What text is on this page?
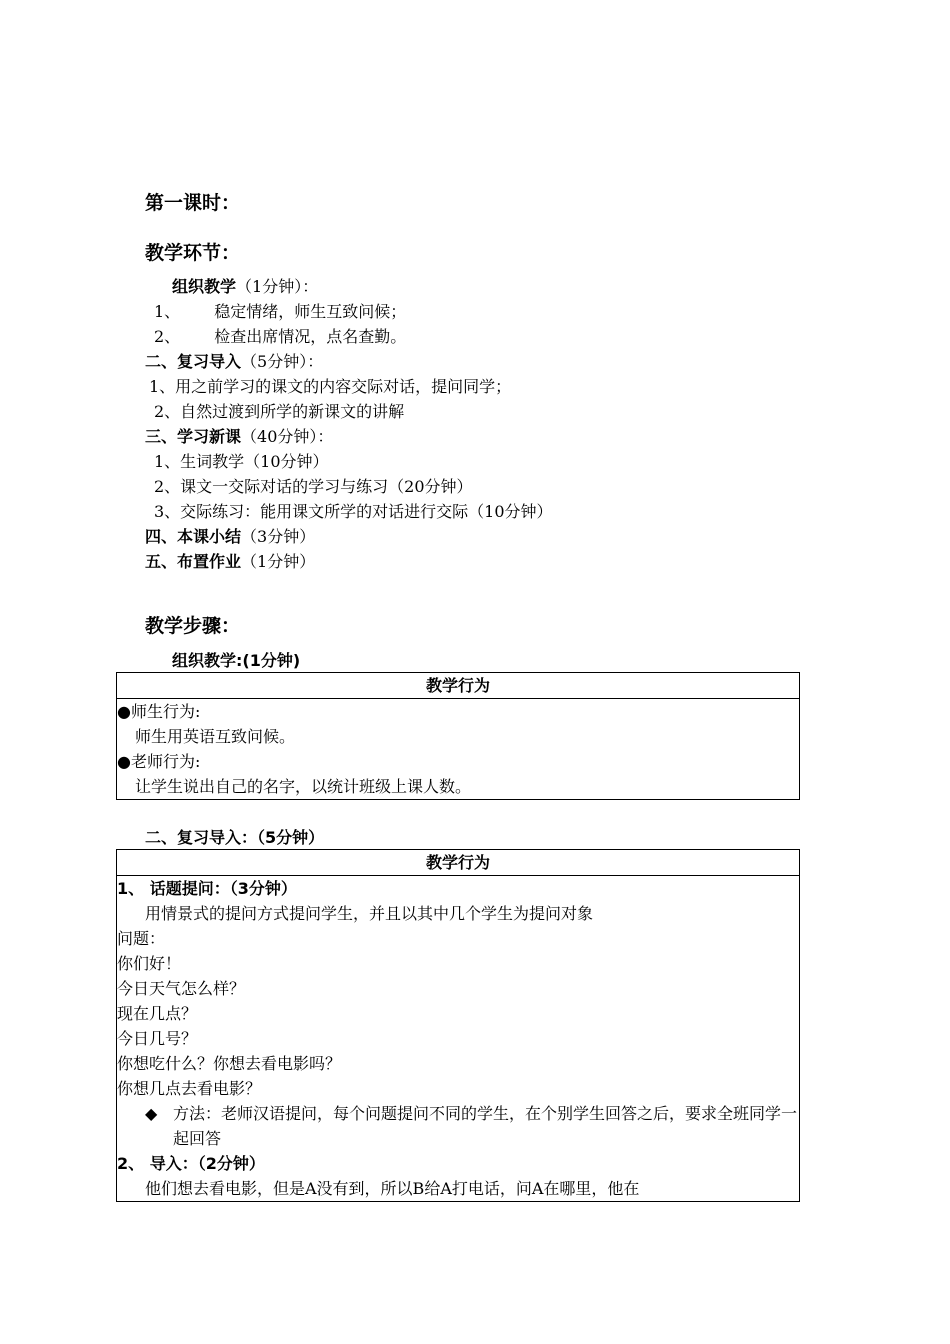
第一课时：
教学环节：
组织教学（1分钟）：
1、 稳定情绪，师生互致问候；
2、 检查出席情况，点名查勤。
二、复习导入（5分钟）：
1、用之前学习的课文的内容交际对话，提问同学；
2、自然过渡到所学的新课文的讲解
三、学习新课（40分钟）：
1、生词教学（10分钟）
2、课文一交际对话的学习与练习（20分钟）
3、交际练习：能用课文所学的对话进行交际（10分钟）
四、本课小结（3分钟）
五、布置作业（1分钟）
教学步骤：
组织教学:(1分钟)
教学行为

●师生行为:
师生用英语互致问候。
●老师行为:
让学生说出自己的名字，以统计班级上课人数。
二、复习导入：（5分钟）
教学行为

1、 话题提问：（3分钟）
用情景式的提问方式提问学生，并且以其中几个学生为提问对象
问题：
你们好！
今日天气怎么样？
现在几点？
今日几号？
你想吃什么？你想去看电影吗？
你想几点去看电影？
◆ 方法：老师汉语提问，每个问题提问不同的学生，在个别学生回答之后，要求全班同学一起回答
2、 导入：（2分钟）
他们想去看电影，但是A没有到，所以B给A打电话，问A在哪里，他在
